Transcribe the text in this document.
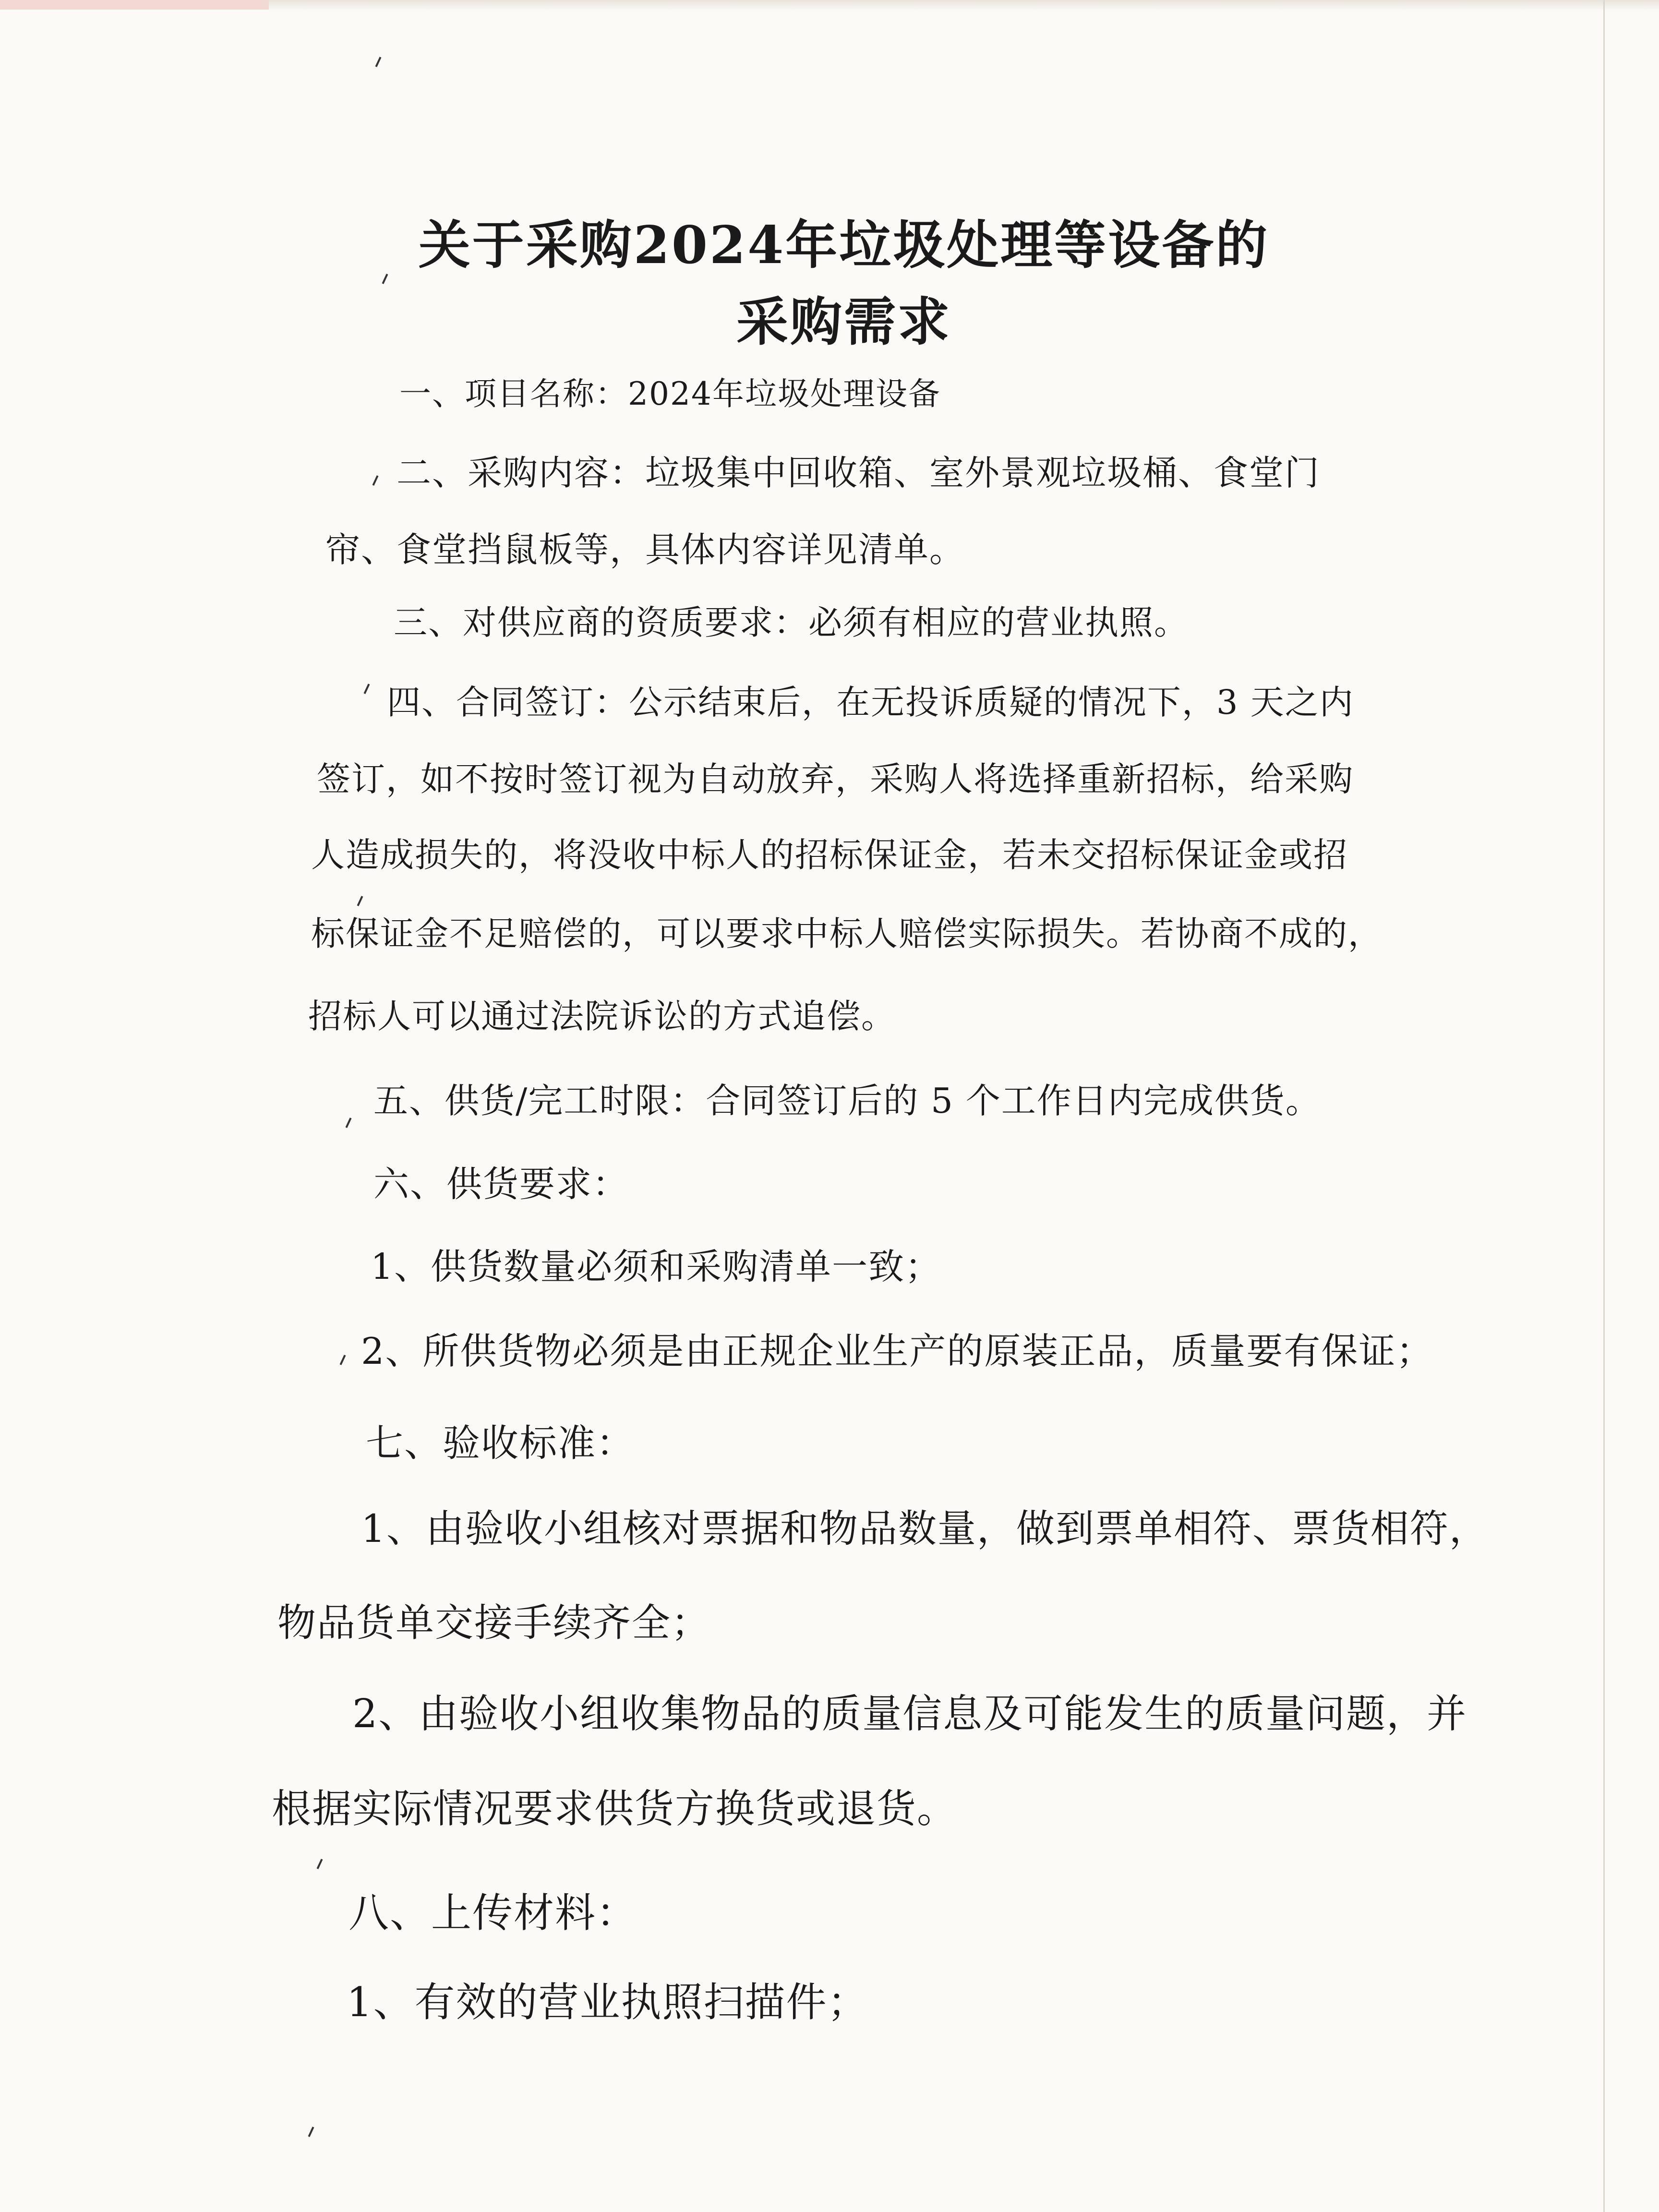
关于采购2024年垃圾处理等设备的
采购需求

一、项目名称：2024年垃圾处理设备

二、采购内容：垃圾集中回收箱、室外景观垃圾桶、食堂门

帘、食堂挡鼠板等，具体内容详见清单。

三、对供应商的资质要求：必须有相应的营业执照。

四、合同签订：公示结束后，在无投诉质疑的情况下，3 天之内

签订，如不按时签订视为自动放弃，采购人将选择重新招标，给采购

人造成损失的，将没收中标人的招标保证金，若未交招标保证金或招

标保证金不足赔偿的，可以要求中标人赔偿实际损失。若协商不成的，

招标人可以通过法院诉讼的方式追偿。

五、供货/完工时限：合同签订后的 5 个工作日内完成供货。

六、供货要求：

1、供货数量必须和采购清单一致；

2、所供货物必须是由正规企业生产的原装正品，质量要有保证；

七、验收标准：

1、由验收小组核对票据和物品数量，做到票单相符、票货相符，

物品货单交接手续齐全；

2、由验收小组收集物品的质量信息及可能发生的质量问题，并

根据实际情况要求供货方换货或退货。

八、上传材料：

1、有效的营业执照扫描件；
